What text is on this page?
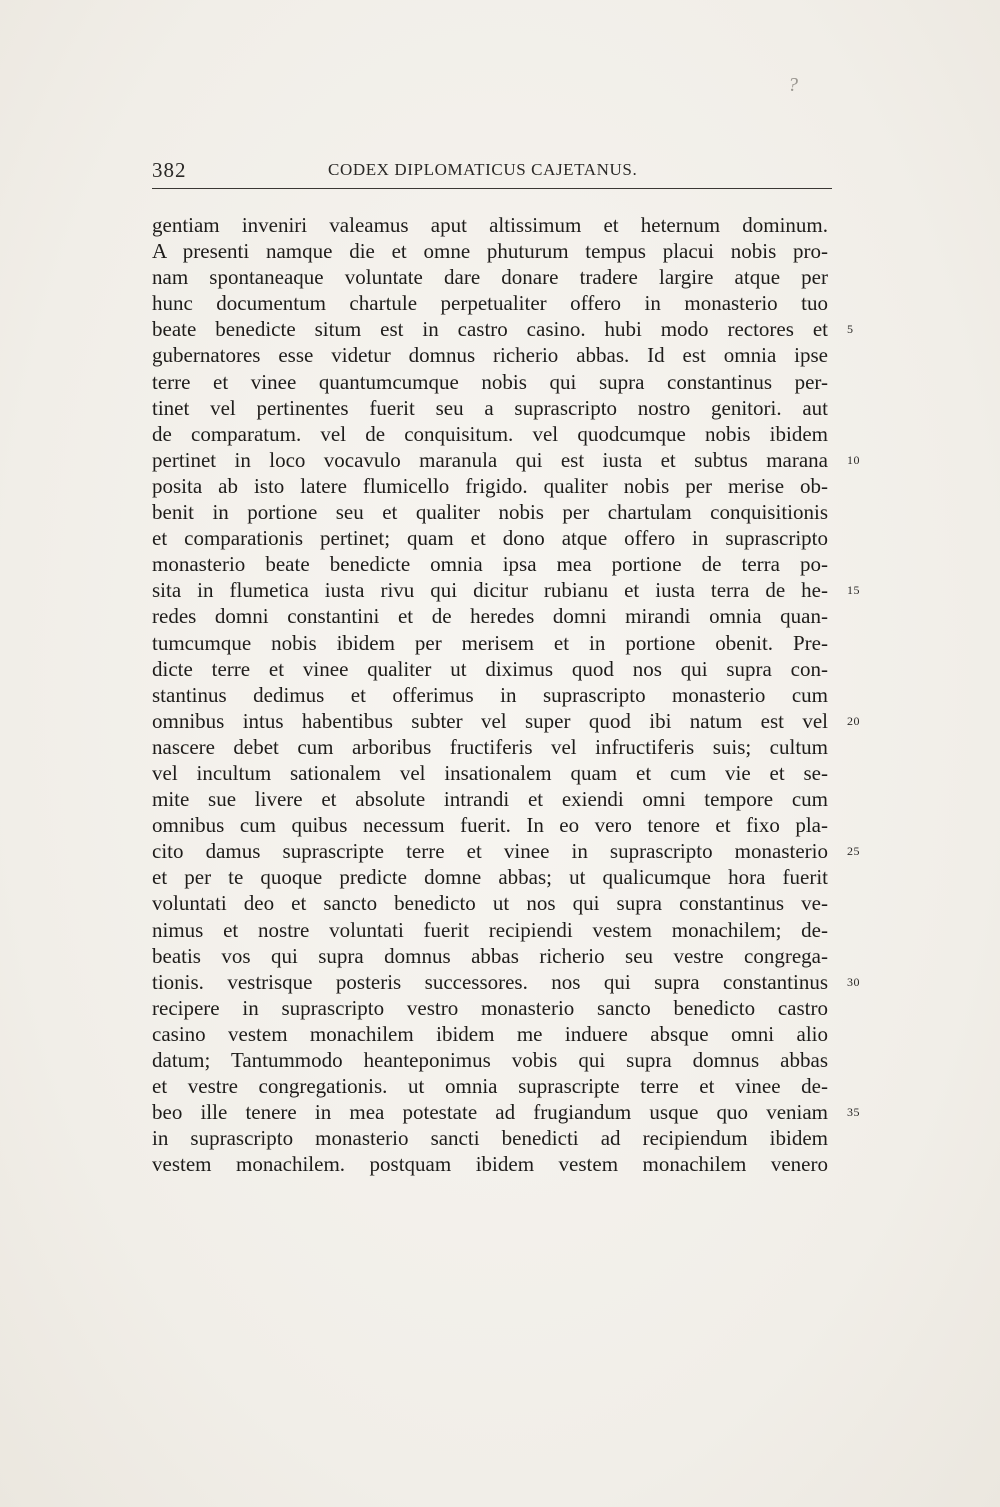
?
382	CODEX DIPLOMATICUS CAJETANUS.
gentiam inveniri valeamus aput altissimum et heternum dominum.
A presenti namque die et omne phuturum tempus placui nobis pro-
nam spontaneaque voluntate dare donare tradere largire atque per
hunc documentum chartule perpetualiter offero in monasterio tuo
beate benedicte situm est in castro casino. hubi modo rectores et 5
gubernatores esse videtur domnus richerio abbas. Id est omnia ipse
terre et vinee quantumcumque nobis qui supra constantinus per-
tinet vel pertinentes fuerit seu a suprascripto nostro genitori. aut
de comparatum. vel de conquisitum. vel quodcumque nobis ibidem
pertinet in loco vocavulo maranula qui est iusta et subtus marana 10
posita ab isto latere flumicello frigido. qualiter nobis per merise ob-
benit in portione seu et qualiter nobis per chartulam conquisitionis
et comparationis pertinet; quam et dono atque offero in suprascripto
monasterio beate benedicte omnia ipsa mea portione de terra po-
sita in flumetica iusta rivu qui dicitur rubianu et iusta terra de he- 15
redes domni constantini et de heredes domni mirandi omnia quan-
tumcumque nobis ibidem per merisem et in portione obenit. Pre-
dicte terre et vinee qualiter ut diximus quod nos qui supra con-
stantinus dedimus et offerimus in suprascripto monasterio cum
omnibus intus habentibus subter vel super quod ibi natum est vel 20
nascere debet cum arboribus fructiferis vel infructiferis suis; cultum
vel incultum sationalem vel insationalem quam et cum vie et se-
mite sue livere et absolute intrandi et exiendi omni tempore cum
omnibus cum quibus necessum fuerit. In eo vero tenore et fixo pla-
cito damus suprascripte terre et vinee in suprascripto monasterio 25
et per te quoque predicte domne abbas; ut qualicumque hora fuerit
voluntati deo et sancto benedicto ut nos qui supra constantinus ve-
nimus et nostre voluntati fuerit recipiendi vestem monachilem; de-
beatis vos qui supra domnus abbas richerio seu vestre congrega-
tionis. vestrisque posteris successores. nos qui supra constantinus 30
recipere in suprascripto vestro monasterio sancto benedicto castro
casino vestem monachilem ibidem me induere absque omni alio
datum; Tantummodo heanteponimus vobis qui supra domnus abbas
et vestre congregationis. ut omnia suprascripte terre et vinee de-
beo ille tenere in mea potestate ad frugiandum usque quo veniam 35
in suprascripto monasterio sancti benedicti ad recipiendum ibidem
vestem monachilem. postquam ibidem vestem monachilem venero
